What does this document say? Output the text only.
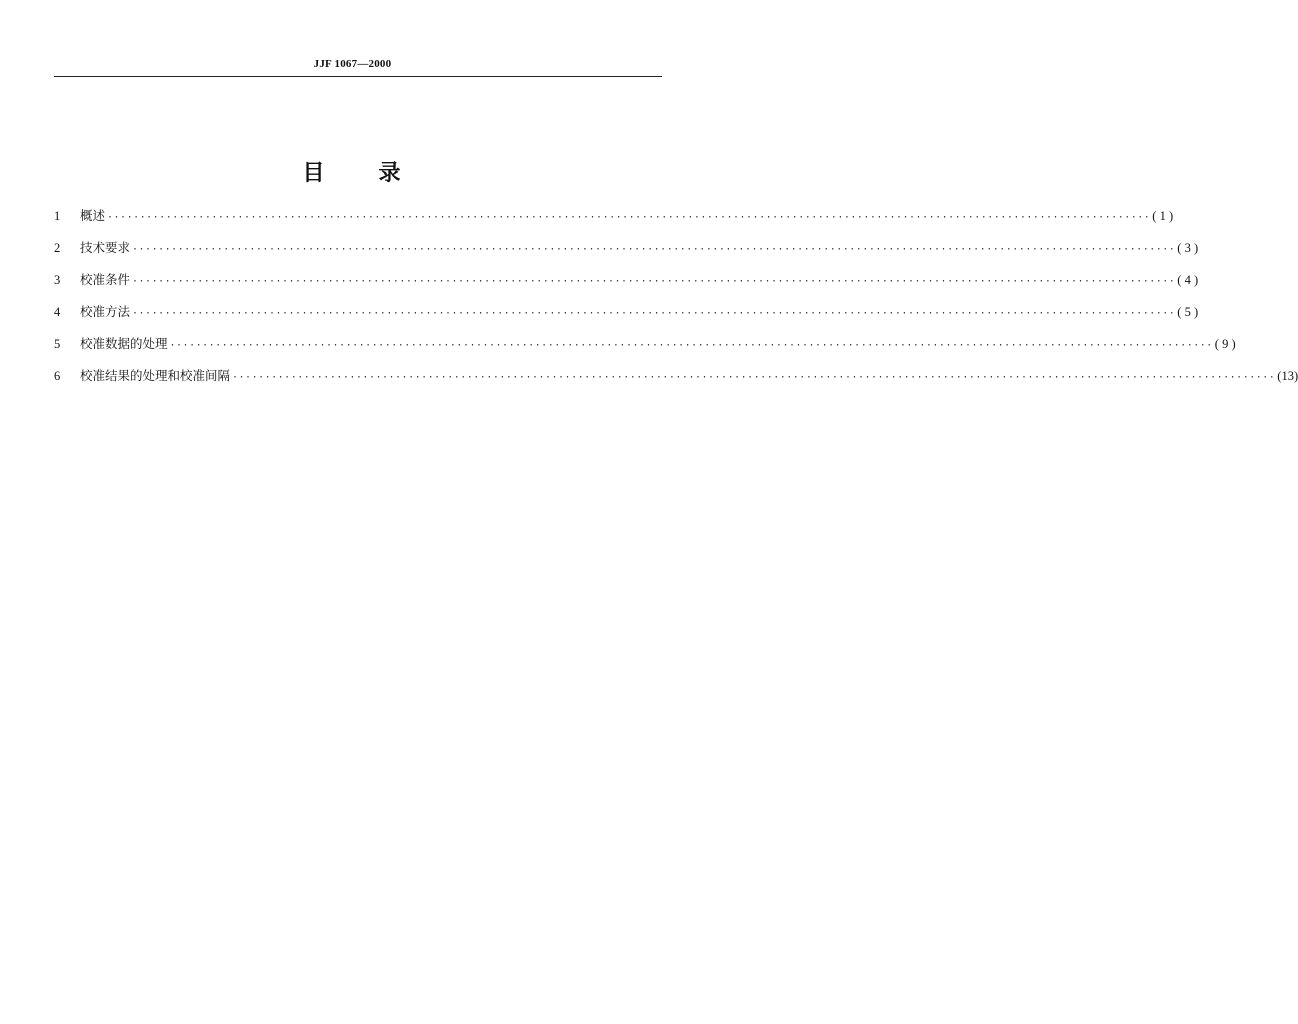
JJF 1067—2000
目 录
1	概述 ································································································································································ ( 1 )
2	技术要求 ································································································································································ ( 3 )
3	校准条件 ································································································································································ ( 4 )
4	校准方法 ································································································································································ ( 5 )
5	校准数据的处理 ································································································································································ ( 9 )
6	校准结果的处理和校准间隔 ································································································································································ (13)
